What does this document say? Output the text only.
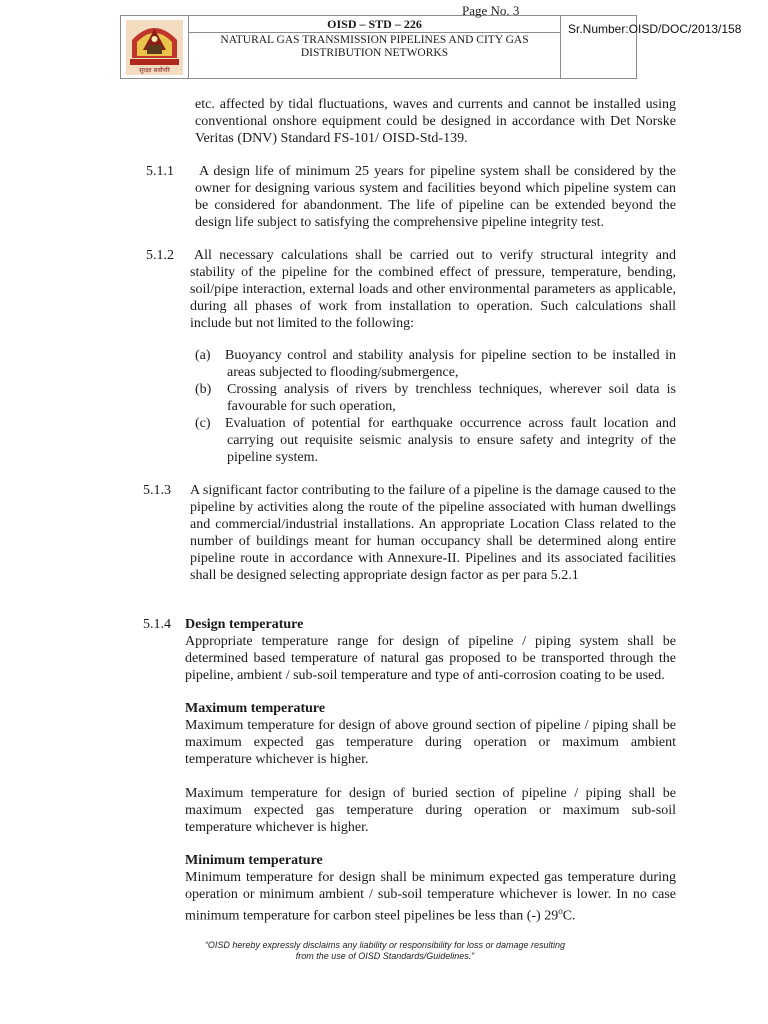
सुरक्षा सर्वोपरि
OISD – STD – 226
NATURAL GAS TRANSMISSION PIPELINES AND CITY GAS DISTRIBUTION NETWORKS
Page No. 3
Sr.Number:OISD/DOC/2013/158
etc. affected by tidal fluctuations, waves and currents and cannot be installed using conventional onshore equipment could be designed in accordance with Det Norske Veritas (DNV) Standard FS-101/ OISD-Std-139.
5.1.1 A design life of minimum 25 years for pipeline system shall be considered by the owner for designing various system and facilities beyond which pipeline system can be considered for abandonment. The life of pipeline can be extended beyond the design life subject to satisfying the comprehensive pipeline integrity test.
5.1.2 All necessary calculations shall be carried out to verify structural integrity and stability of the pipeline for the combined effect of pressure, temperature, bending, soil/pipe interaction, external loads and other environmental parameters as applicable, during all phases of work from installation to operation. Such calculations shall include but not limited to the following:
(a) Buoyancy control and stability analysis for pipeline section to be installed in areas subjected to flooding/submergence,
(b) Crossing analysis of rivers by trenchless techniques, wherever soil data is favourable for such operation,
(c) Evaluation of potential for earthquake occurrence across fault location and carrying out requisite seismic analysis to ensure safety and integrity of the pipeline system.
5.1.3 A significant factor contributing to the failure of a pipeline is the damage caused to the pipeline by activities along the route of the pipeline associated with human dwellings and commercial/industrial installations. An appropriate Location Class related to the number of buildings meant for human occupancy shall be determined along entire pipeline route in accordance with Annexure-II. Pipelines and its associated facilities shall be designed selecting appropriate design factor as per para 5.2.1
5.1.4 Design temperature
Appropriate temperature range for design of pipeline / piping system shall be determined based temperature of natural gas proposed to be transported through the pipeline, ambient / sub-soil temperature and type of anti-corrosion coating to be used.
Maximum temperature
Maximum temperature for design of above ground section of pipeline / piping shall be maximum expected gas temperature during operation or maximum ambient temperature whichever is higher.
Maximum temperature for design of buried section of pipeline / piping shall be maximum expected gas temperature during operation or maximum sub-soil temperature whichever is higher.
Minimum temperature
Minimum temperature for design shall be minimum expected gas temperature during operation or minimum ambient / sub-soil temperature whichever is lower. In no case minimum temperature for carbon steel pipelines be less than (-) 29$^o$C.
“OISD hereby expressly disclaims any liability or responsibility for loss or damage resulting
from the use of OISD Standards/Guidelines.”
